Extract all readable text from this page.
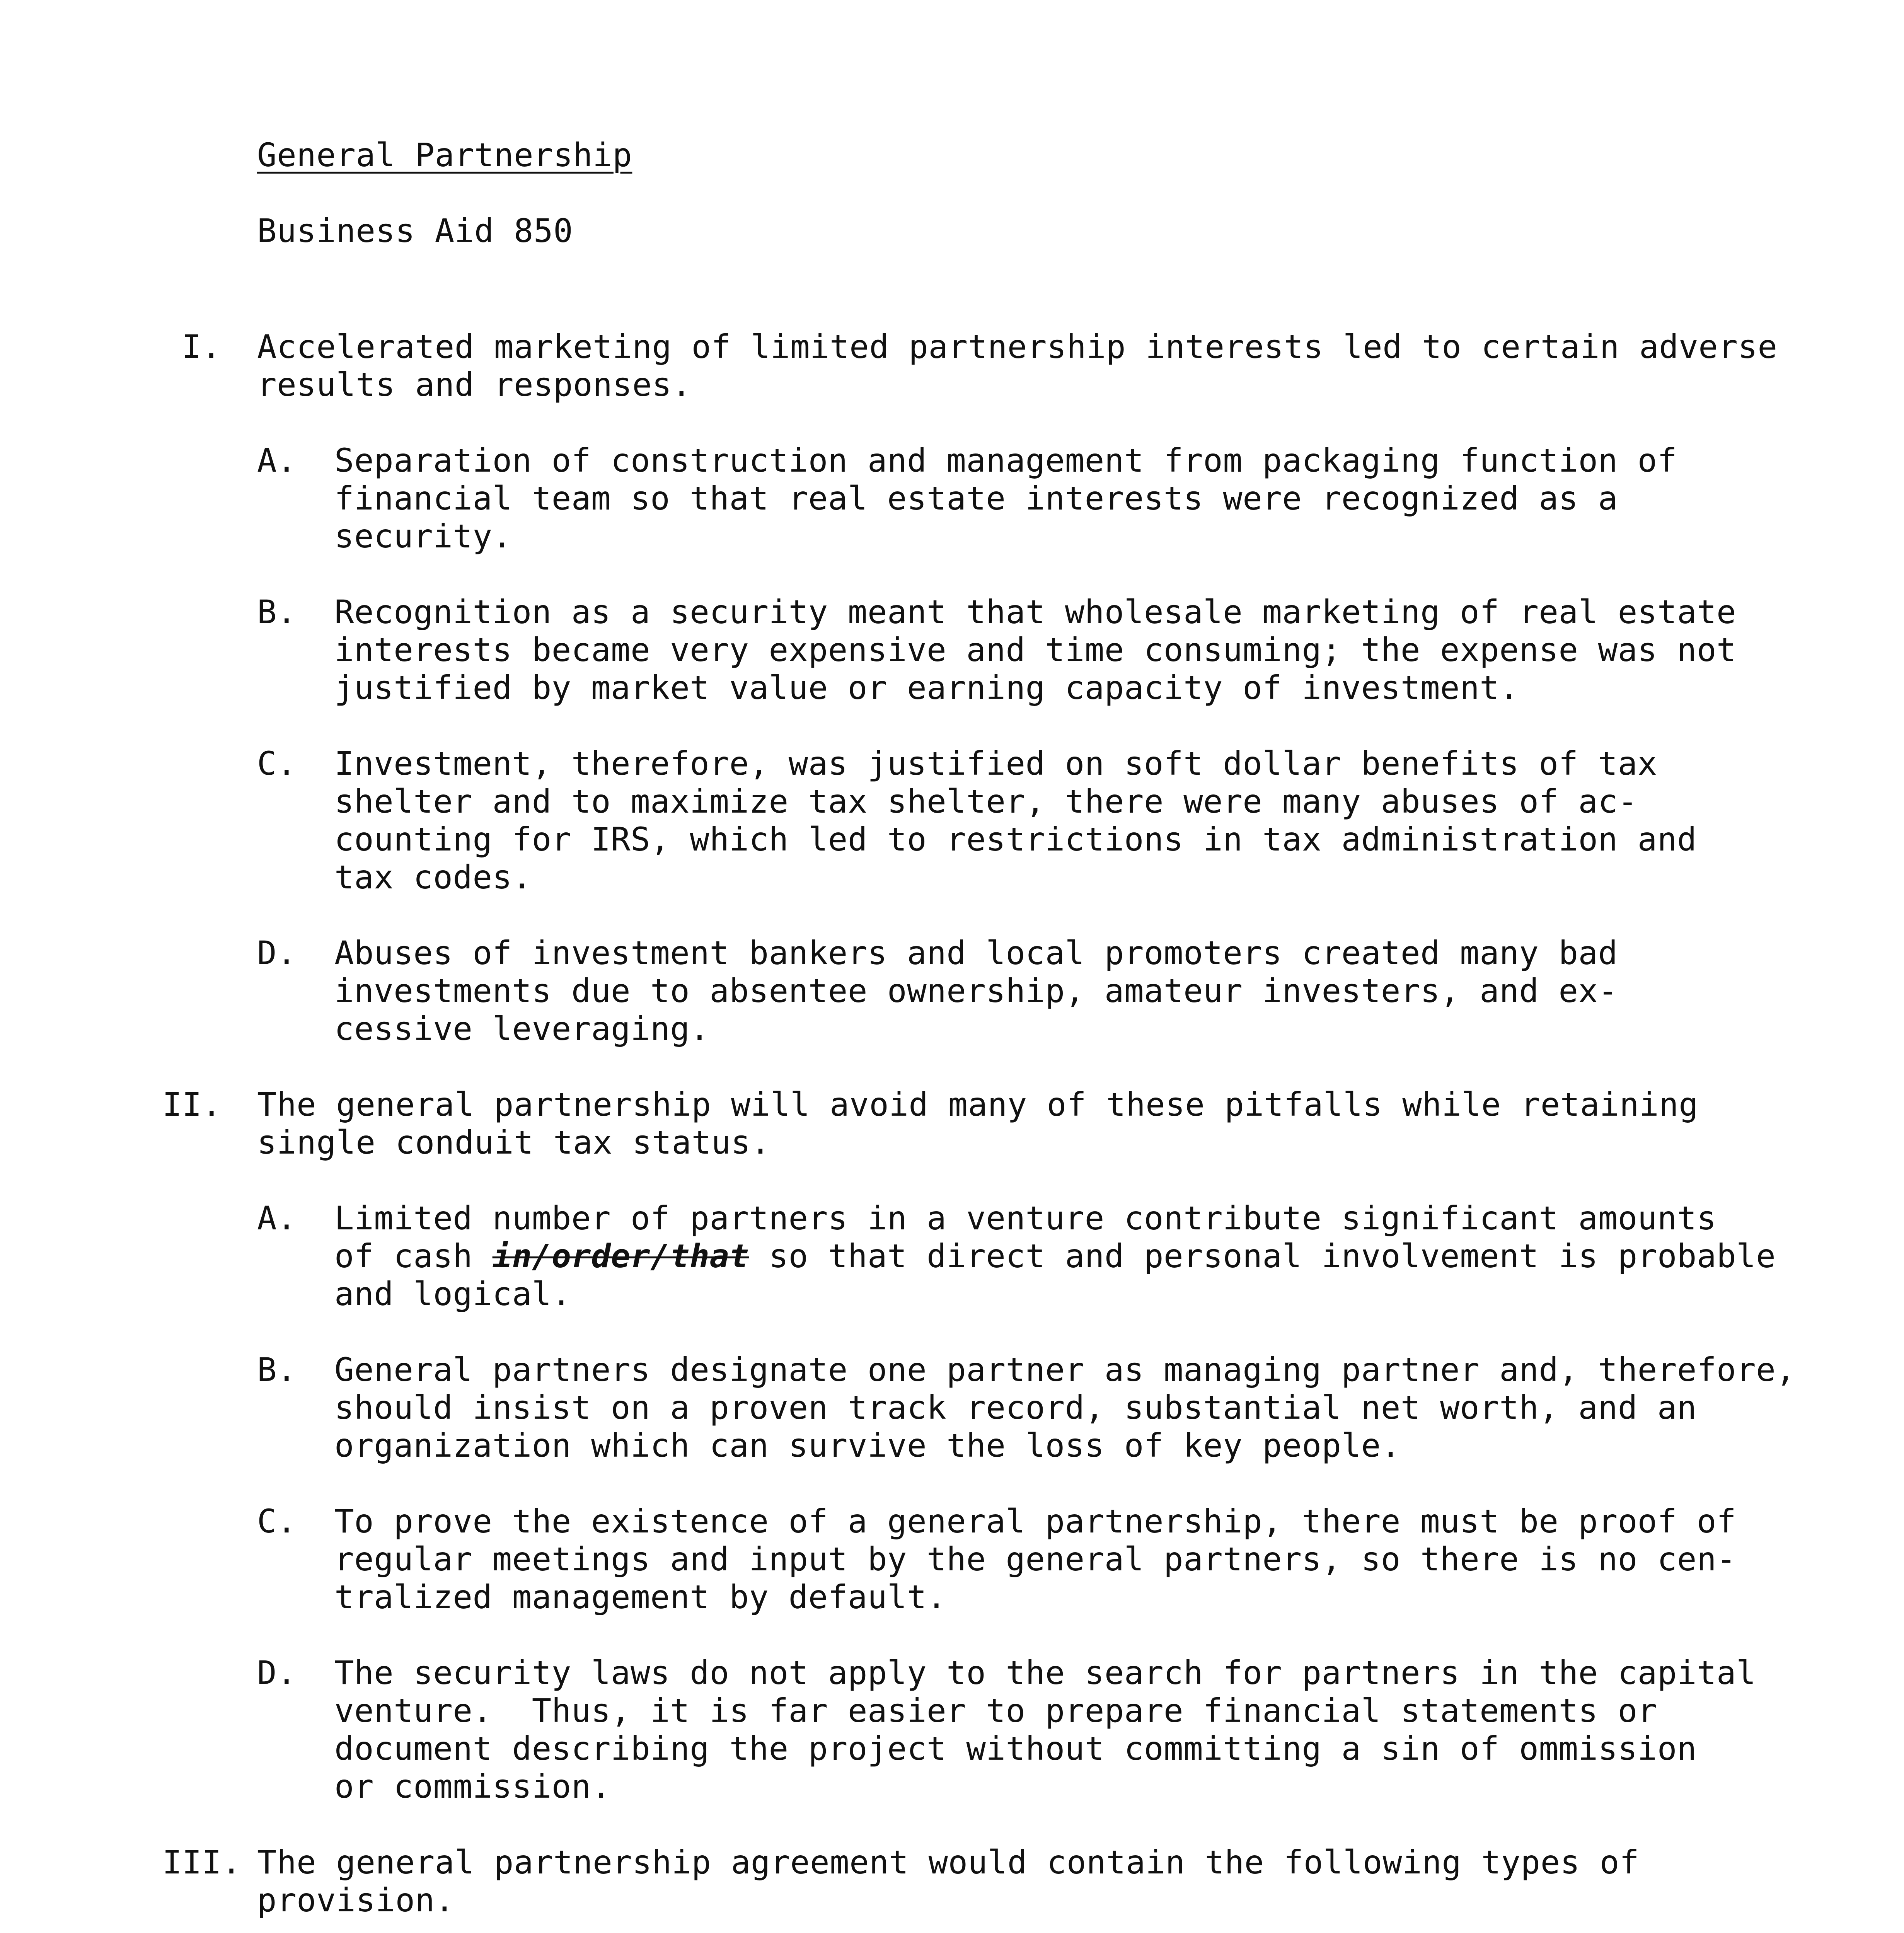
General Partnership
Business Aid 850
I. Accelerated marketing of limited partnership interests led to certain adverse
results and responses.
A. Separation of construction and management from packaging function of
financial team so that real estate interests were recognized as a
security.
B. Recognition as a security meant that wholesale marketing of real estate
interests became very expensive and time consuming; the expense was not
justified by market value or earning capacity of investment.
C. Investment, therefore, was justified on soft dollar benefits of tax
shelter and to maximize tax shelter, there were many abuses of ac-
counting for IRS, which led to restrictions in tax administration and
tax codes.
D. Abuses of investment bankers and local promoters created many bad
investments due to absentee ownership, amateur investers, and ex-
cessive leveraging.
II. The general partnership will avoid many of these pitfalls while retaining
single conduit tax status.
A. Limited number of partners in a venture contribute significant amounts
of cash in/order/that so that direct and personal involvement is probable
and logical.
B. General partners designate one partner as managing partner and, therefore,
should insist on a proven track record, substantial net worth, and an
organization which can survive the loss of key people.
C. To prove the existence of a general partnership, there must be proof of
regular meetings and input by the general partners, so there is no cen-
tralized management by default.
D. The security laws do not apply to the search for partners in the capital
venture.  Thus, it is far easier to prepare financial statements or
document describing the project without committing a sin of ommission
or commission.
III. The general partnership agreement would contain the following types of
provision.
